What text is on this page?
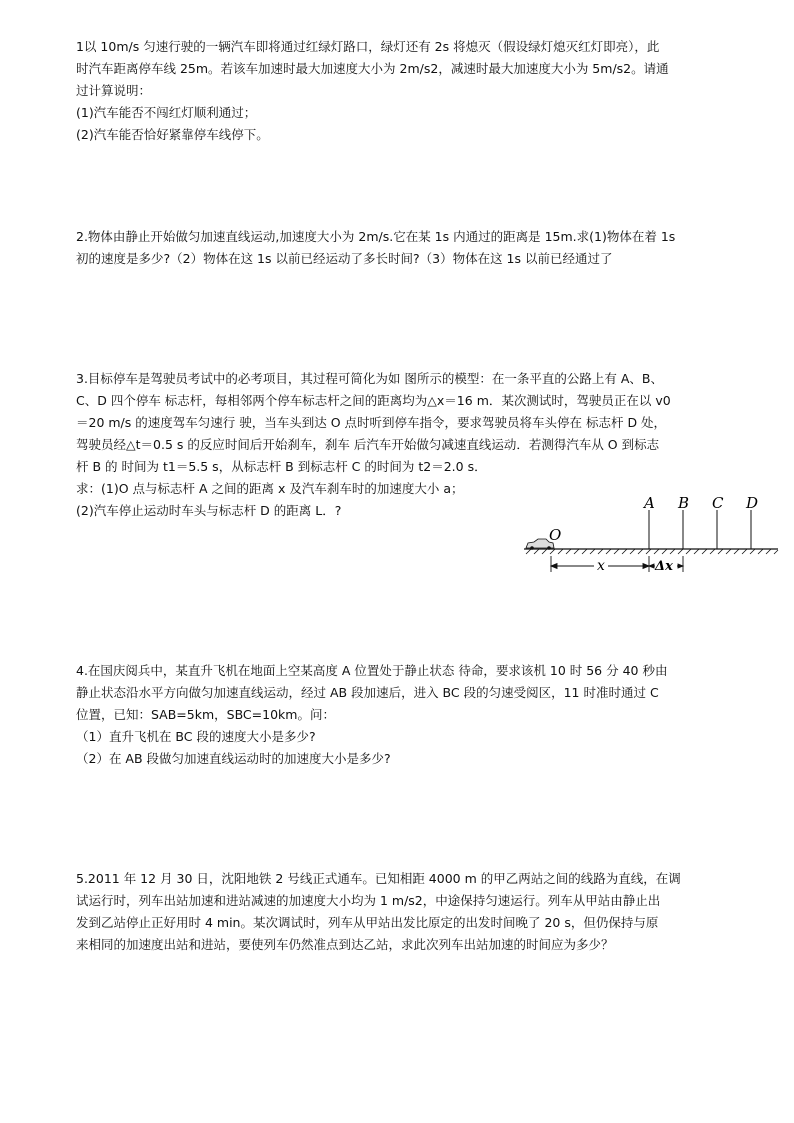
1以 10m/s 匀速行驶的一辆汽车即将通过红绿灯路口，绿灯还有 2s 将熄灭（假设绿灯熄灭红灯即亮），此

时汽车距离停车线 25m。若该车加速时最大加速度大小为 2m/s2，减速时最大加速度大小为 5m/s2。请通

过计算说明：

(1)汽车能否不闯红灯顺利通过；

(2)汽车能否恰好紧靠停车线停下。

2.物体由静止开始做匀加速直线运动,加速度大小为 2m/s.它在某 1s 内通过的距离是 15m.求(1)物体在着 1s

初的速度是多少?（2）物体在这 1s 以前已经运动了多长时间?（3）物体在这 1s 以前已经通过了

3.目标停车是驾驶员考试中的必考项目，其过程可简化为如 图所示的模型：在一条平直的公路上有 A、B、

C、D 四个停车 标志杆，每相邻两个停车标志杆之间的距离均为△x＝16 m．某次测试时，驾驶员正在以 v0

＝20 m/s 的速度驾车匀速行 驶，当车头到达 O 点时听到停车指令，要求驾驶员将车头停在 标志杆 D 处，

驾驶员经△t＝0.5 s 的反应时间后开始刹车，刹车 后汽车开始做匀减速直线运动．若测得汽车从 O 到标志

杆 B 的 时间为 t1＝5.5 s，从标志杆 B 到标志杆 C 的时间为 t2＝2.0 s．

求：(1)O 点与标志杆 A 之间的距离 x 及汽车刹车时的加速度大小 a；

(2)汽车停止运动时车头与标志杆 D 的距离 L．?

O
A B C D
x	Δx

4.在国庆阅兵中，某直升飞机在地面上空某高度 A 位置处于静止状态 待命，要求该机 10 时 56 分 40 秒由

静止状态沿水平方向做匀加速直线运动，经过 AB 段加速后，进入 BC 段的匀速受阅区，11 时准时通过 C

位置，已知：SAB=5km，SBC=10km。问：

（1）直升飞机在 BC 段的速度大小是多少?

（2）在 AB 段做匀加速直线运动时的加速度大小是多少?

5.2011 年 12 月 30 日，沈阳地铁 2 号线正式通车。已知相距 4000 m 的甲乙两站之间的线路为直线，在调

试运行时，列车出站加速和进站减速的加速度大小均为 1 m/s2，中途保持匀速运行。列车从甲站由静止出

发到乙站停止正好用时 4 min。某次调试时，列车从甲站出发比原定的出发时间晚了 20 s，但仍保持与原

来相同的加速度出站和进站，要使列车仍然准点到达乙站，求此次列车出站加速的时间应为多少？
